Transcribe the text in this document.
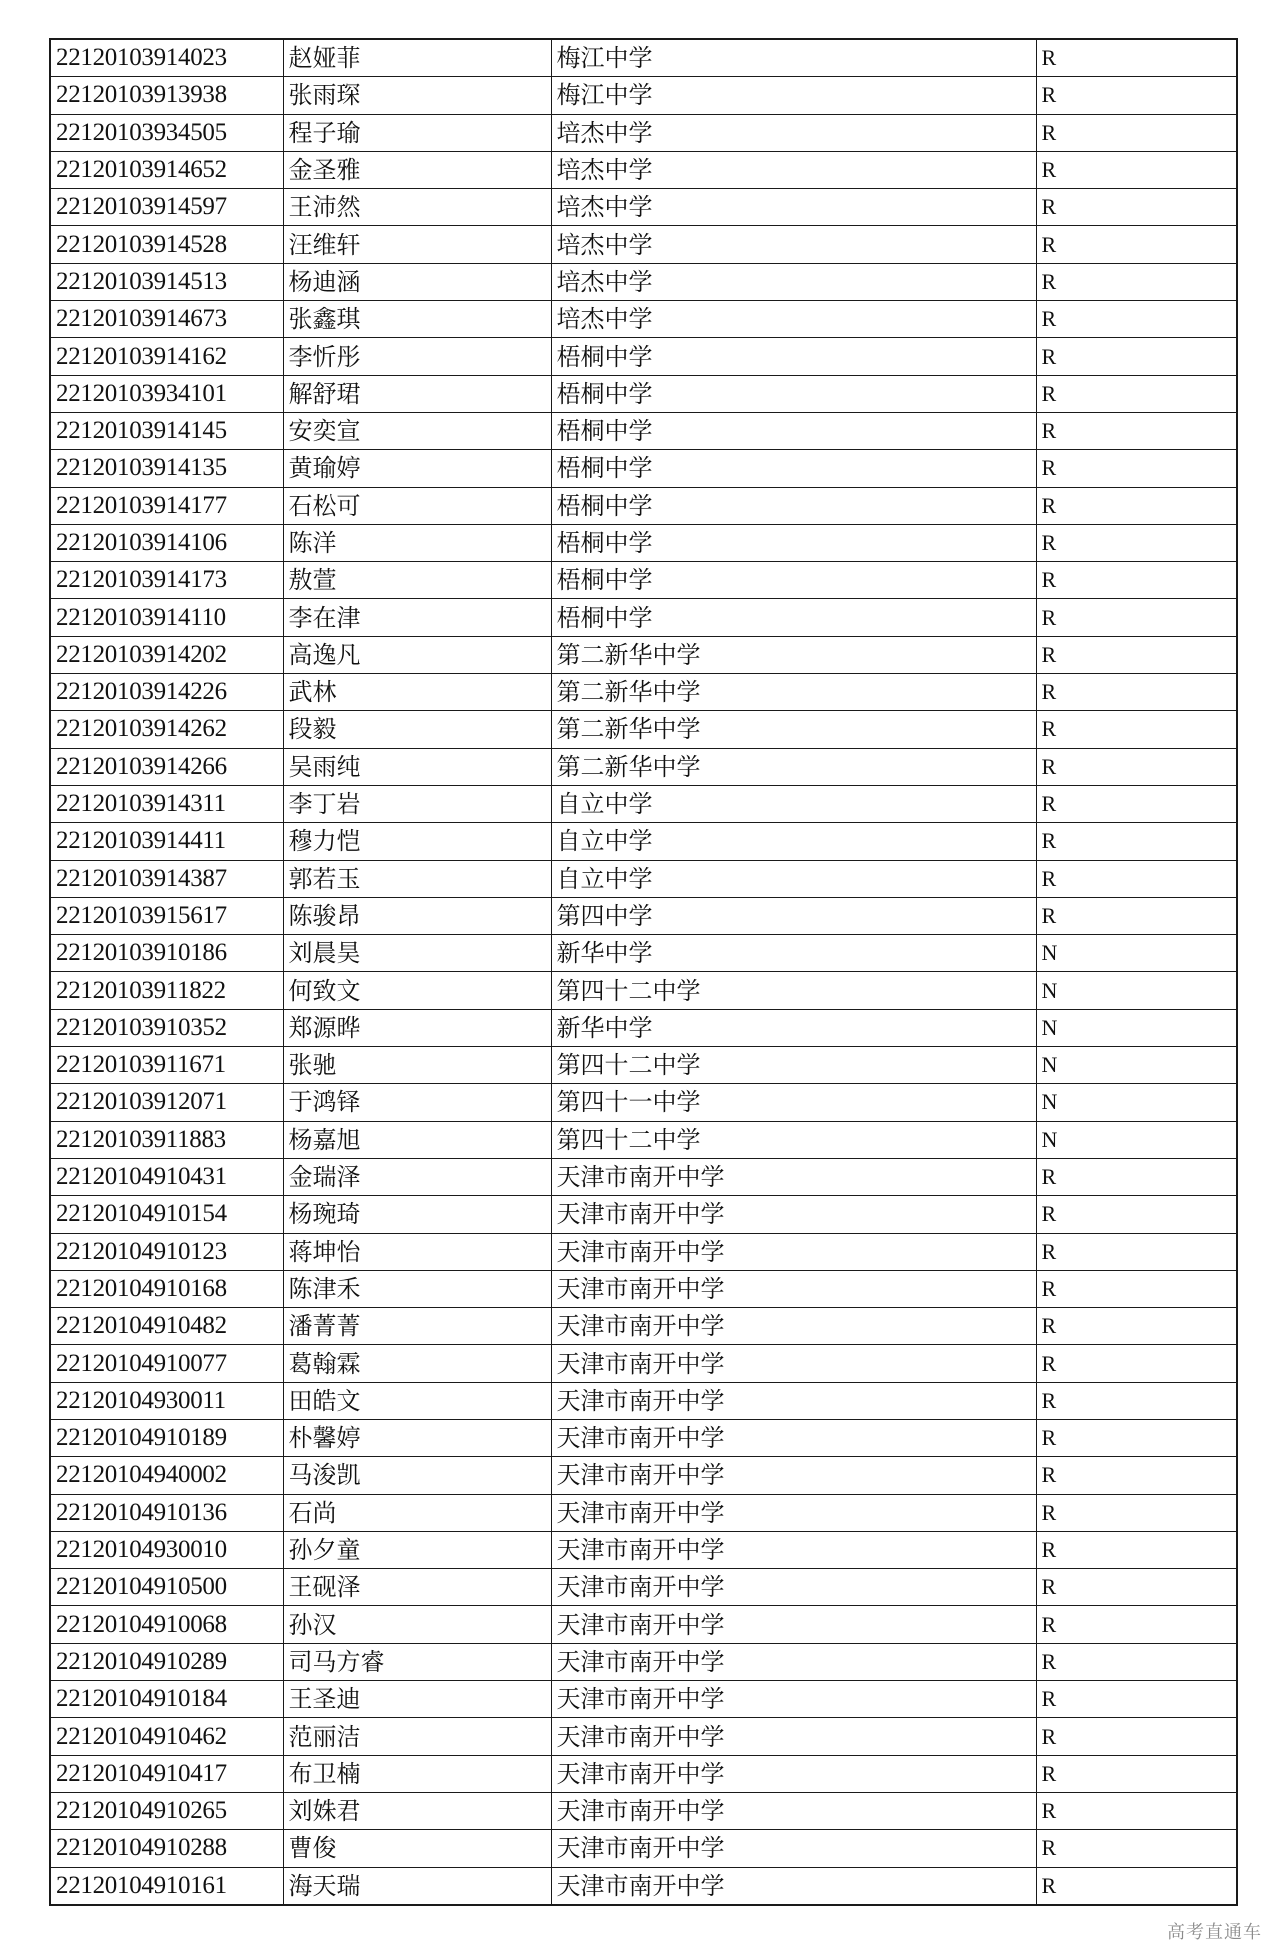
22120103914023	赵娅菲	梅江中学	R
22120103913938	张雨琛	梅江中学	R
22120103934505	程子瑜	培杰中学	R
22120103914652	金圣雅	培杰中学	R
22120103914597	王沛然	培杰中学	R
22120103914528	汪维轩	培杰中学	R
22120103914513	杨迪涵	培杰中学	R
22120103914673	张鑫琪	培杰中学	R
22120103914162	李忻彤	梧桐中学	R
22120103934101	解舒珺	梧桐中学	R
22120103914145	安奕宣	梧桐中学	R
22120103914135	黄瑜婷	梧桐中学	R
22120103914177	石松可	梧桐中学	R
22120103914106	陈洋	梧桐中学	R
22120103914173	敖萱	梧桐中学	R
22120103914110	李在津	梧桐中学	R
22120103914202	高逸凡	第二新华中学	R
22120103914226	武林	第二新华中学	R
22120103914262	段毅	第二新华中学	R
22120103914266	吴雨纯	第二新华中学	R
22120103914311	李丁岩	自立中学	R
22120103914411	穆力恺	自立中学	R
22120103914387	郭若玉	自立中学	R
22120103915617	陈骏昂	第四中学	R
22120103910186	刘晨昊	新华中学	N
22120103911822	何致文	第四十二中学	N
22120103910352	郑源晔	新华中学	N
22120103911671	张驰	第四十二中学	N
22120103912071	于鸿铎	第四十一中学	N
22120103911883	杨嘉旭	第四十二中学	N
22120104910431	金瑞泽	天津市南开中学	R
22120104910154	杨琬琦	天津市南开中学	R
22120104910123	蒋坤怡	天津市南开中学	R
22120104910168	陈津禾	天津市南开中学	R
22120104910482	潘菁菁	天津市南开中学	R
22120104910077	葛翰霖	天津市南开中学	R
22120104930011	田皓文	天津市南开中学	R
22120104910189	朴馨婷	天津市南开中学	R
22120104940002	马浚凯	天津市南开中学	R
22120104910136	石尚	天津市南开中学	R
22120104930010	孙夕童	天津市南开中学	R
22120104910500	王砚泽	天津市南开中学	R
22120104910068	孙汉	天津市南开中学	R
22120104910289	司马方睿	天津市南开中学	R
22120104910184	王圣迪	天津市南开中学	R
22120104910462	范丽洁	天津市南开中学	R
22120104910417	布卫楠	天津市南开中学	R
22120104910265	刘姝君	天津市南开中学	R
22120104910288	曹俊	天津市南开中学	R
22120104910161	海天瑞	天津市南开中学	R
高考直通车
